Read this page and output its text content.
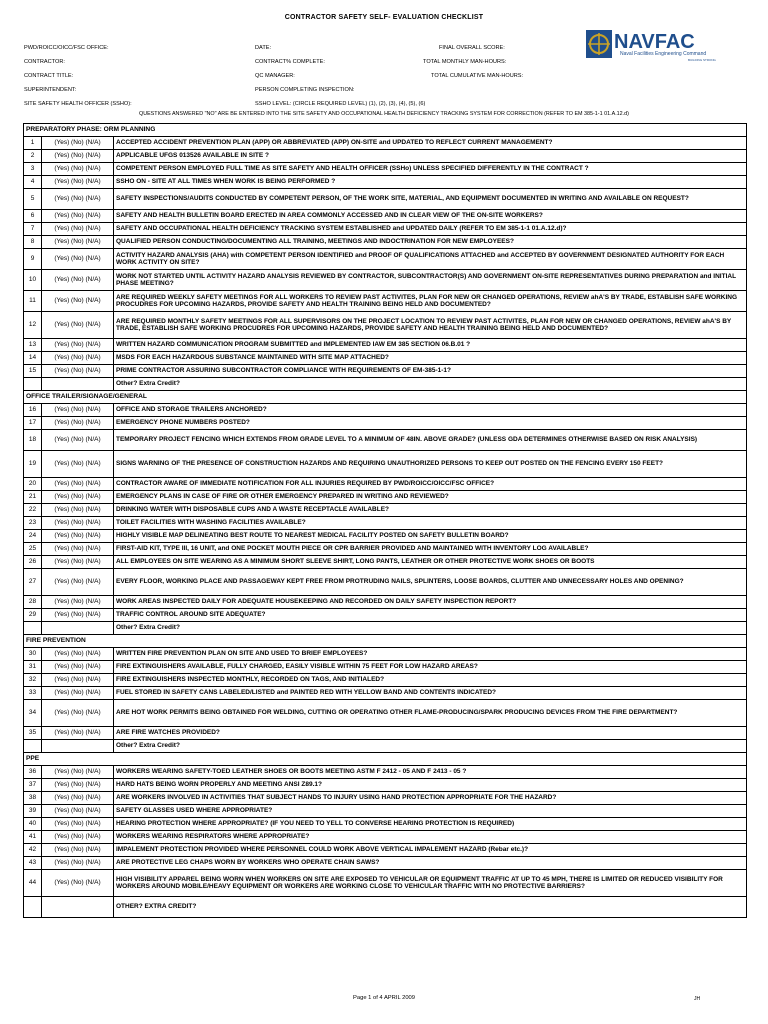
CONTRACTOR SAFETY SELF- EVALUATION CHECKLIST
PWD/ROICC/OICC/FSC OFFICE:
CONTRACTOR:
CONTRACT TITLE:
SUPERINTENDENT:
SITE SAFETY HEALTH OFFICER (SSHO):
DATE:
CONTRACT% COMPLETE:
QC MANAGER:
PERSON COMPLETING INSPECTION:
SSHO LEVEL: (CIRCLE REQUIRED LEVEL) (1), (2), (3), (4), (5), (6)
FINAL OVERALL SCORE:
TOTAL MONTHLY MAN-HOURS:
TOTAL CUMULATIVE MAN-HOURS:
NAVFAC
Naval Facilities Engineering Command
BUILDING STRONG
QUESTIONS ANSWERED "NO" ARE BE ENTERED INTO THE SITE SAFETY AND OCCUPATIONAL HEALTH DEFICIENCY TRACKING SYSTEM FOR CORRECTION (REFER TO EM 385-1-1 01.A.12.d)
PREPARATORY PHASE: ORM PLANNING		
1	(Yes) (No) (N/A)	ACCEPTED ACCIDENT PREVENTION PLAN (APP) OR ABBREVIATED (APP) ON-SITE and UPDATED TO REFLECT CURRENT MANAGEMENT?
2	(Yes) (No) (N/A)	APPLICABLE UFGS 013526 AVAILABLE IN SITE ?
3	(Yes) (No) (N/A)	COMPETENT PERSON EMPLOYED FULL TIME AS SITE SAFETY AND HEALTH OFFICER (SSHo) UNLESS SPECIFIED DIFFERENTLY IN THE CONTRACT ?
4	(Yes) (No) (N/A)	SSHO ON - SITE AT ALL TIMES WHEN WORK IS BEING PERFORMED ?
5	(Yes) (No) (N/A)	SAFETY INSPECTIONS/AUDITS CONDUCTED BY COMPETENT PERSON, OF THE WORK SITE, MATERIAL, AND EQUIPMENT DOCUMENTED IN WRITING AND AVAILABLE ON REQUEST?
6	(Yes) (No) (N/A)	SAFETY AND HEALTH BULLETIN BOARD ERECTED IN AREA COMMONLY ACCESSED AND IN CLEAR VIEW OF THE ON-SITE WORKERS?
7	(Yes) (No) (N/A)	SAFETY AND OCCUPATIONAL HEALTH DEFICIENCY TRACKING SYSTEM ESTABLISHED and UPDATED DAILY (REFER TO EM 385-1-1 01.A.12.d)?
8	(Yes) (No) (N/A)	QUALIFIED PERSON CONDUCTING/DOCUMENTING ALL TRAINING, MEETINGS AND INDOCTRINATION FOR NEW EMPLOYEES?
9	(Yes) (No) (N/A)	ACTIVITY HAZARD ANALYSIS (AHA) with COMPETENT PERSON IDENTIFIED and PROOF OF QUALIFICATIONS ATTACHED and ACCEPTED BY GOVERNMENT DESIGNATED AUTHORITY FOR EACH WORK ACTIVITY ON SITE?
10	(Yes) (No) (N/A)	WORK NOT STARTED UNTIL ACTIVITY HAZARD ANALYSIS REVIEWED BY CONTRACTOR, SUBCONTRACTOR(S) AND GOVERNMENT ON-SITE REPRESENTATIVES DURING PREPARATION and INITIAL PHASE MEETING?
11	(Yes) (No) (N/A)	ARE REQUIRED WEEKLY SAFETY MEETINGS FOR ALL WORKERS TO REVIEW PAST ACTIVITES, PLAN FOR NEW OR CHANGED OPERATIONS, REVIEW ahA'S BY TRADE, ESTABLISH SAFE WORKING PROCUDRES FOR UPCOMING HAZARDS, PROVIDE SAFETY AND HEALTH TRAINING BEING HELD AND DOCUMENTED?
12	(Yes) (No) (N/A)	ARE REQUIRED MONTHLY SAFETY MEETINGS FOR ALL SUPERVISORS ON THE PROJECT LOCATION TO REVIEW PAST ACTIVITES, PLAN FOR NEW OR CHANGED OPERATIONS, REVIEW ahA'S BY TRADE, ESTABLISH SAFE WORKING PROCUDRES FOR UPCOMING HAZARDS, PROVIDE SAFETY AND HEALTH TRAINING BEING HELD AND DOCUMENTED?
13	(Yes) (No) (N/A)	WRITTEN HAZARD COMMUNICATION PROGRAM SUBMITTED and IMPLEMENTED IAW EM 385 SECTION 06.B.01 ?
14	(Yes) (No) (N/A)	MSDS FOR EACH HAZARDOUS SUBSTANCE MAINTAINED WITH SITE MAP ATTACHED?
15	(Yes) (No) (N/A)	PRIME CONTRACTOR ASSURING SUBCONTRACTOR COMPLIANCE WITH REQUIREMENTS OF EM-385-1-1?
		Other? Extra Credit?
OFFICE TRAILER/SIGNAGE/GENERAL		
16	(Yes) (No) (N/A)	OFFICE AND STORAGE TRAILERS ANCHORED?
17	(Yes) (No) (N/A)	EMERGENCY PHONE NUMBERS POSTED?
18	(Yes) (No) (N/A)	TEMPORARY PROJECT FENCING WHICH EXTENDS FROM GRADE LEVEL TO A MINIMUM OF 48IN. ABOVE GRADE? (UNLESS GDA DETERMINES OTHERWISE BASED ON RISK ANALYSIS)
19	(Yes) (No) (N/A)	SIGNS WARNING OF THE PRESENCE OF CONSTRUCTION HAZARDS AND REQUIRING UNAUTHORIZED PERSONS TO KEEP OUT POSTED ON THE FENCING EVERY 150 FEET?
20	(Yes) (No) (N/A)	CONTRACTOR AWARE OF IMMEDIATE NOTIFICATION FOR ALL INJURIES REQUIRED BY PWD/ROICC/OICC/FSC OFFICE?
21	(Yes) (No) (N/A)	EMERGENCY PLANS IN CASE OF FIRE OR OTHER EMERGENCY PREPARED IN WRITING AND REVIEWED?
22	(Yes) (No) (N/A)	DRINKING WATER WITH DISPOSABLE CUPS AND A WASTE RECEPTACLE AVAILABLE?
23	(Yes) (No) (N/A)	TOILET FACILITIES WITH WASHING FACILITIES AVAILABLE?
24	(Yes) (No) (N/A)	HIGHLY VISIBLE MAP DELINEATING BEST ROUTE TO NEAREST MEDICAL FACILITY POSTED ON SAFETY BULLETIN BOARD?
25	(Yes) (No) (N/A)	FIRST-AID KIT, TYPE III, 16 UNIT, and ONE POCKET MOUTH PIECE OR CPR BARRIER PROVIDED AND MAINTAINED WITH INVENTORY LOG AVAILABLE?
26	(Yes) (No) (N/A)	ALL EMPLOYEES ON SITE WEARING AS A MINIMUM SHORT SLEEVE SHIRT, LONG PANTS, LEATHER OR OTHER PROTECTIVE WORK SHOES OR BOOTS
27	(Yes) (No) (N/A)	EVERY FLOOR, WORKING PLACE AND PASSAGEWAY KEPT FREE FROM PROTRUDING NAILS, SPLINTERS, LOOSE BOARDS, CLUTTER AND UNNECESSARY HOLES AND OPENING?
28	(Yes) (No) (N/A)	WORK AREAS INSPECTED DAILY FOR ADEQUATE HOUSEKEEPING AND RECORDED ON DAILY SAFETY INSPECTION REPORT?
29	(Yes) (No) (N/A)	TRAFFIC CONTROL AROUND SITE ADEQUATE?
		Other? Extra Credit?
FIRE PREVENTION		
30	(Yes) (No) (N/A)	WRITTEN FIRE PREVENTION PLAN ON SITE AND USED TO BRIEF EMPLOYEES?
31	(Yes) (No) (N/A)	FIRE EXTINGUISHERS AVAILABLE, FULLY CHARGED, EASILY VISIBLE WITHIN 75 FEET FOR LOW HAZARD AREAS?
32	(Yes) (No) (N/A)	FIRE EXTINGUISHERS INSPECTED MONTHLY, RECORDED ON TAGS, AND INITIALED?
33	(Yes) (No) (N/A)	FUEL STORED IN SAFETY CANS LABELED/LISTED and PAINTED RED WITH YELLOW BAND AND CONTENTS INDICATED?
34	(Yes) (No) (N/A)	ARE HOT WORK PERMITS BEING OBTAINED FOR WELDING, CUTTING OR OPERATING OTHER FLAME-PRODUCING/SPARK PRODUCING DEVICES FROM THE FIRE DEPARTMENT?
35	(Yes) (No) (N/A)	ARE FIRE WATCHES PROVIDED?
		Other? Extra Credit?
PPE		
36	(Yes) (No) (N/A)	WORKERS WEARING SAFETY-TOED LEATHER SHOES OR BOOTS MEETING ASTM F 2412 - 05 AND F 2413 - 05 ?
37	(Yes) (No) (N/A)	HARD HATS BEING WORN PROPERLY AND MEETING ANSI Z89.1?
38	(Yes) (No) (N/A)	ARE WORKERS INVOLVED IN ACTIVITIES THAT SUBJECT HANDS TO INJURY USING HAND PROTECTION APPROPRIATE FOR THE HAZARD?
39	(Yes) (No) (N/A)	SAFETY GLASSES USED WHERE APPROPRIATE?
40	(Yes) (No) (N/A)	HEARING PROTECTION WHERE APPROPRIATE? (IF YOU NEED TO YELL TO CONVERSE HEARING PROTECTION IS REQUIRED)
41	(Yes) (No) (N/A)	WORKERS WEARING RESPIRATORS WHERE APPROPRIATE?
42	(Yes) (No) (N/A)	IMPALEMENT PROTECTION PROVIDED WHERE PERSONNEL COULD WORK ABOVE VERTICAL IMPALEMENT HAZARD (Rebar etc.)?
43	(Yes) (No) (N/A)	ARE PROTECTIVE LEG CHAPS WORN BY WORKERS WHO OPERATE CHAIN SAWS?
44	(Yes) (No) (N/A)	HIGH VISIBILITY APPAREL BEING WORN WHEN WORKERS ON SITE ARE EXPOSED TO VEHICULAR OR EQUIPMENT TRAFFIC AT UP TO 45 MPH, THERE IS LIMITED OR REDUCED VISIBILITY FOR WORKERS AROUND MOBILE/HEAVY EQUIPMENT OR WORKERS ARE WORKING CLOSE TO VEHICULAR TRAFFIC WITH NO PROTECTIVE BARRIERS?
		OTHER? EXTRA CREDIT?
Page 1 of 4 APRIL 2009	JH
